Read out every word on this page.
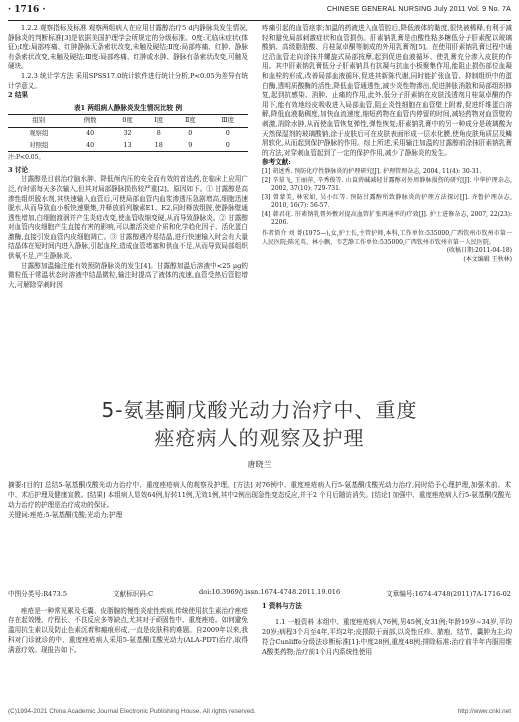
· 1716 ·	CHINESE GENERAL NURSING July 2011 Vol. 9 No. 7A

1.2.2 观察指标及标准 观察两组病人在应用甘露醇治疗5 d内静脉炎发生情况,静脉炎的判断标准[3]是依据美国护理学会所规定的分级标准。0度:无临床症状(体征);Ⅰ度:局部疼痛、红肿静脉无条索状改变,未触及硬结;Ⅱ度:局部疼痛、红肿、静脉有条索状改变,未触及硬结;Ⅲ度:局部疼痛、红肿或水肿、静脉有条索状改变,可触及硬块。

1.2.3 统计学方法 采用SPSS17.0统计软件进行统计分析,P<0.05为差异有统计学意义。

2 结果

表1 两组病人静脉炎发生情况比较 例
组别	例数	0度	Ⅰ度	Ⅱ度	Ⅲ度
观察组	40	32	8	0	0
对照组	40	13	18	9	0
注:P<0.05。

3 讨论

甘露醇是目前治疗脑水肿、降低颅内压的安全而有效的首选药,在临床上应用广泛,有时需每天多次输入,但其对局部静脉损伤较严重[2]。原因如下。① 甘露醇是高渗性组织脱水剂,其快速输入血管后,可使局部血管内血浆渗透压急剧增高,细胞迅速脱水,从而导致血小板快速聚集,并释放前列腺素E1、E2,同时释放组胺,使静脉壁通透性增加,白细胞渡润并产生炎症改变,使血管收缩变硬,从而导致静脉炎。② 甘露醇对血管内皮细胞产生直接有害的影响,可以激活炎症介质和化学趋化因子、活化蛋白激酶,直接引发血管内皮细胞凋亡。③ 甘露醇遇冷易结晶,进行快速输入时会有大量结晶体在短时间内进入静脉,引起血栓,造成血管堵塞和供血不足,从而导致局部组织供氧不足,产生静脉炎。

甘露醇加温输注能有效预防静脉炎的发生[4]。甘露醇加温后溶液中<25 μg的微粒低于常温状态时溶液中结晶微粒,输注时提高了液体的流速,血管受热后管腔增大,可解除穿刺时因

疼痛引起的血管痉挛;加温的药液进入血管腔后,降低液体的黏度,很快被稀释,有利于减轻和避免局部刺激症状和血管损伤。肝素钠乳膏是由酸性粘多糖低分子肝素配以玻璃酸钠、高级脂肪酸、月桂氮卓酮等制成的外用乳膏剂[5]。在使用肝素钠乳膏过程中通过沿血管走向涂抹并螺旋式局部按摩,起到促进血液循环、使乳膏充分渗入皮肤的作用。其中肝素钠乳膏低分子肝素钠具有抗凝与抗血小板聚集作用,能阻止损伤部位血凝和血栓的形成,改善局部血液循环,促进其新陈代谢,同时能扩张血管、抑制组织中的蛋白酶,透明质酸酶的活性,降低血管通透性,减少炎性物渗出,促进肿胀消散和局部组织修复,起到抗感染、消肿、止痛的作用,此外,低分子肝素钠在皮肤浅透剂月桂氮卓酮的作用下,能有效地经皮吸收进入局部血管,阻止炎性细胞在血管壁上附着,促进纤维蛋白溶解,降低血液黏稠度,加快血流速度,缩短药物在血管内停留的时间,减轻药物对血管壁的刺激,消除水肿,从而使血管恢复弹性,弹性恢复;肝素钠乳膏中的另一种成分是玻璃酸为天然保湿剂的玻璃酸钠,涂于皮肤后可在皮肤表面形成一层水化膜,使角皮肤角质层及鳞屑软化,从而起到保护静脉的作用。综上所述,采用输注加温的甘露醇前涂抹肝素钠乳膏的方法,对穿刺血管起到了一定的保护作用,减少了静脉炎的发生。

参考文献:

[1] 胡述秀. 预防化疗性静脉炎的护理研究[J]. 护理管理杂志, 2004, 11(4): 30-31.
[2] 辛慕飞, 王丽萍, 辛秀俊等. 山莨菪碱减轻甘露醇对外周静脉损伤的研究[J]. 中华护理杂志, 2002, 37(10): 729-731.
[3] 曾蒙美, 林宏如, 吴小红等. 预防甘露醇所致静脉炎的护理方法探讨[J]. 齐鲁护理杂志, 2010, 16(7): 56-57.
[4] 韩君花. 肝素钠乳膏外敷对提高血管扩张再通率的疗效[J]. 护士进修杂志, 2007, 22(23): 2206.
作者简介 刘 菁(1975—),女,护士长,主管护师,本科,工作单位:535000,广西钦州市钦州市第一人民医院;陈光英、林小飘、韦艺静工作单位:535000,广西钦州市钦州市第一人民医院。
(收稿日期:2011-04-18)
(本文编辑 王秋林)
5-氨基酮戊酸光动力治疗中、重度
痤疮病人的观察及护理
唐晓兰
摘要:[目的] 总结5-氨基酮戊酸光动力治疗中、重度痤疮病人的观察及护理。[方法] 对76例中、重度痤疮病人行5-氨基酮戊酸光动力治疗,同时给予心理护理,加强术前、术中、术后护理及健康宣教。[结果] 本组病人显效64例,好转11例,无效1例,其中2例出现急性变态反应,并于2 个月后随访消失。[结论] 加强中、重度痤疮病人行5-氨基酮戊酸光动力治疗的护理是治疗成功的保证。
关键词:痤疮;5-氨基酮戊酸;光动力;护理
中图分类号:R473.5	文献标识码:C	doi:10.3969/j.issn.1674-4748.2011.19.016	文章编号:1674-4748(2011)7A-1716-02

痤疮是一种常见累及毛囊、皮脂腺的慢性炎症性疾病,传统使用抗生素治疗痤疮存在起效慢、疗程长、不良反应多等缺点,尤其对于顽固性中、重度痤疮。如何避免滥用抗生素以及防止色素沉着和瘢痕形成,一直是皮肤科的难题。自2009年以来,我科对门诊就诊的中、重度痤疮病人采用5-氨基酮戊酸光动力(ALA-PDT)治疗,取得满意疗效。现报告如下。

1 资料与方法

1.1 一般资料 本组中、重度痤疮病人76例,男45例,女31例;年龄19岁~34岁,平均20岁;病程3个月至4年,平均2年;皮损限于面部,以炎性丘疹、脓疱、结节、囊肿为主;均符合Cunliffe分级法诊断标准[1]:中度28例,重度48例;排除标准:治疗前半年内服用维A酸类药物;治疗前1个月内系统性使用

(C)1994-2021 China Academic Journal Electronic Publishing House. All rights reserved.	http://www.cnki.net
